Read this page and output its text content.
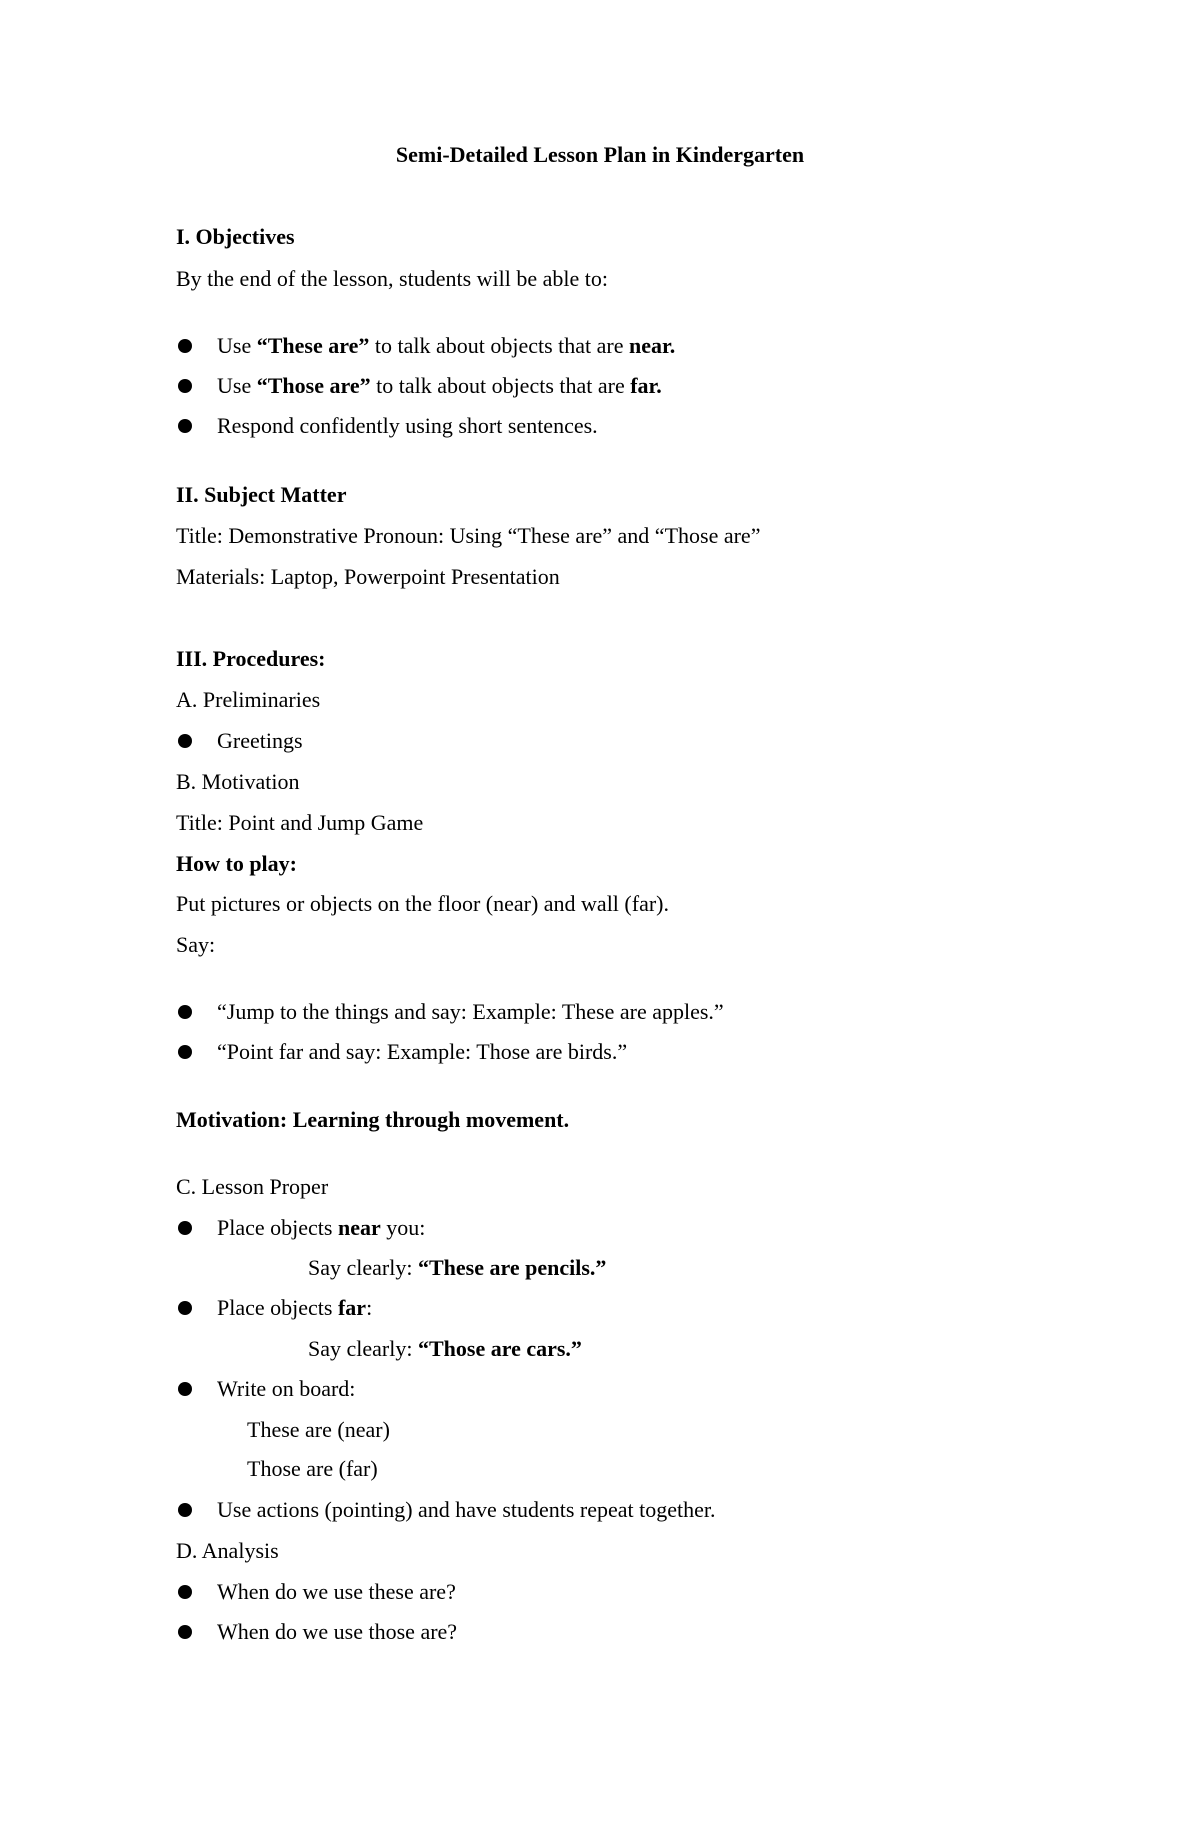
Semi-Detailed Lesson Plan in Kindergarten
I. Objectives
By the end of the lesson, students will be able to:
Use “These are” to talk about objects that are near.
Use “Those are” to talk about objects that are far.
Respond confidently using short sentences.
II. Subject Matter
Title: Demonstrative Pronoun: Using “These are” and “Those are”
Materials: Laptop, Powerpoint Presentation
III. Procedures:
A. Preliminaries
Greetings
B. Motivation
Title: Point and Jump Game
How to play:
Put pictures or objects on the floor (near) and wall (far).
Say:
“Jump to the things and say: Example: These are apples.”
“Point far and say: Example: Those are birds.”
Motivation: Learning through movement.
C. Lesson Proper
Place objects near you:
Say clearly: “These are pencils.”
Place objects far:
Say clearly: “Those are cars.”
Write on board:
These are (near)
Those are (far)
Use actions (pointing) and have students repeat together.
D. Analysis
When do we use these are?
When do we use those are?
